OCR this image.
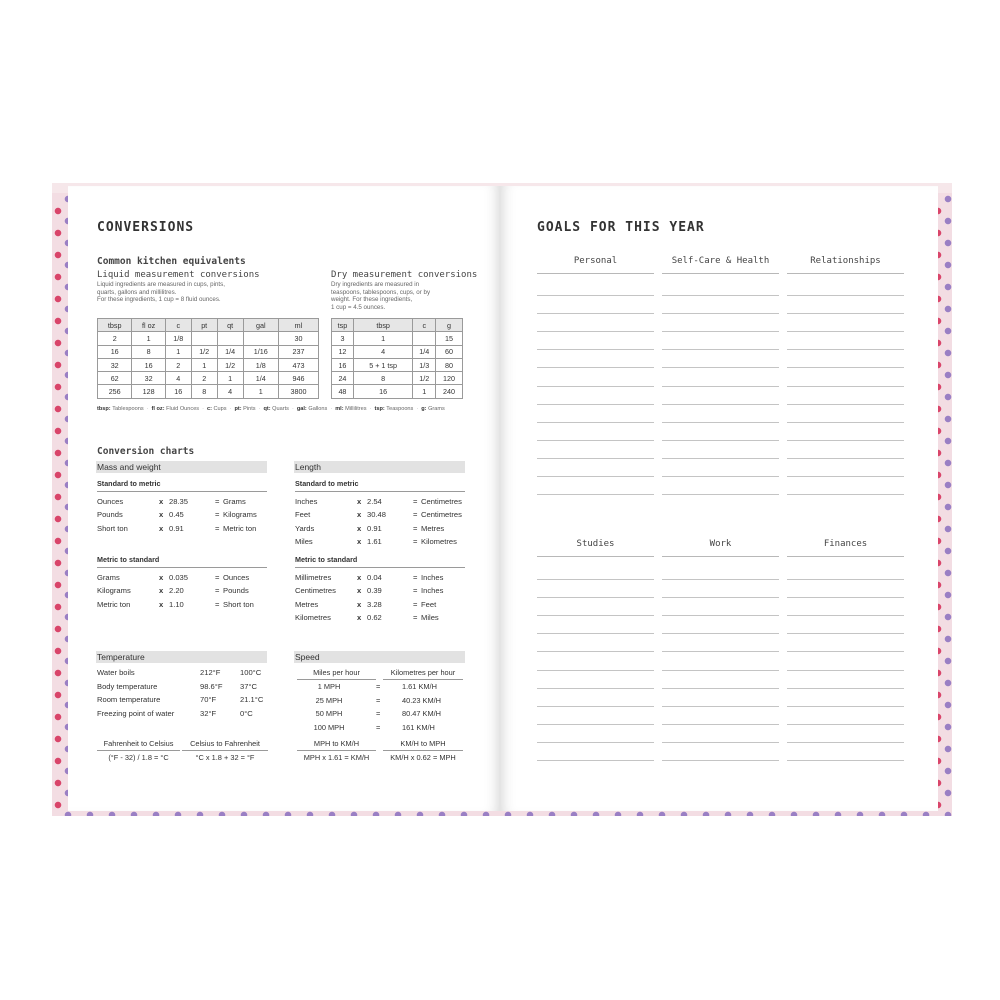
CONVERSIONS
Common kitchen equivalents
Liquid measurement conversions
Liquid ingredients are measured in cups, pints,
quarts, gallons and millilitres.
For these ingredients, 1 cup = 8 fluid ounces.
Dry measurement conversions
Dry ingredients are measured in
teaspoons, tablespoons, cups, or by
weight. For these ingredients,
1 cup = 4.5 ounces.
tbsp	fl oz	c	pt	qt	gal	ml
2	1	1/8				30
16	8	1	1/2	1/4	1/16	237
32	16	2	1	1/2	1/8	473
62	32	4	2	1	1/4	946
256	128	16	8	4	1	3800
tsp	tbsp	c	g
3	1		15
12	4	1/4	60
16	5 + 1 tsp	1/3	80
24	8	1/2	120
48	16	1	240
tbsp: Tablespoons · fl oz: Fluid Ounces · c: Cups · pt: Pints · qt: Quarts · gal: Gallons · ml: Millilitres · tsp: Teaspoons · g: Grams
Conversion charts
Mass and weight
Standard to metric
Ounces	x 28.35	= Grams
Pounds	x 0.45	= Kilograms
Short ton	x 0.91	= Metric ton
Metric to standard
Grams	x 0.035	= Ounces
Kilograms	x 2.20	= Pounds
Metric ton	x 1.10	= Short ton
Length
Standard to metric
Inches	x 2.54	= Centimetres
Feet	x 30.48	= Centimetres
Yards	x 0.91	= Metres
Miles	x 1.61	= Kilometres
Metric to standard
Millimetres	x 0.04	= Inches
Centimetres	x 0.39	= Inches
Metres	x 3.28	= Feet
Kilometres	x 0.62	= Miles
Temperature
Water boils	212°F	100°C
Body temperature	98.6°F 37°C
Room temperature	70°F	21.1°C
Freezing point of water	32°F	0°C
Fahrenheit to Celsius
(°F - 32) / 1.8 = °C
Celsius to Fahrenheit
°C x 1.8 + 32 = °F
Speed
Miles per hour	Kilometres per hour
1 MPH	=	1.61 KM/H
25 MPH	=	40.23 KM/H
50 MPH	=	80.47 KM/H
100 MPH	=	161 KM/H
MPH to KM/H
MPH x 1.61 = KM/H
KM/H to MPH
KM/H x 0.62 = MPH
GOALS FOR THIS YEAR
Personal	Self-Care & Health	Relationships
Studies	Work	Finances
